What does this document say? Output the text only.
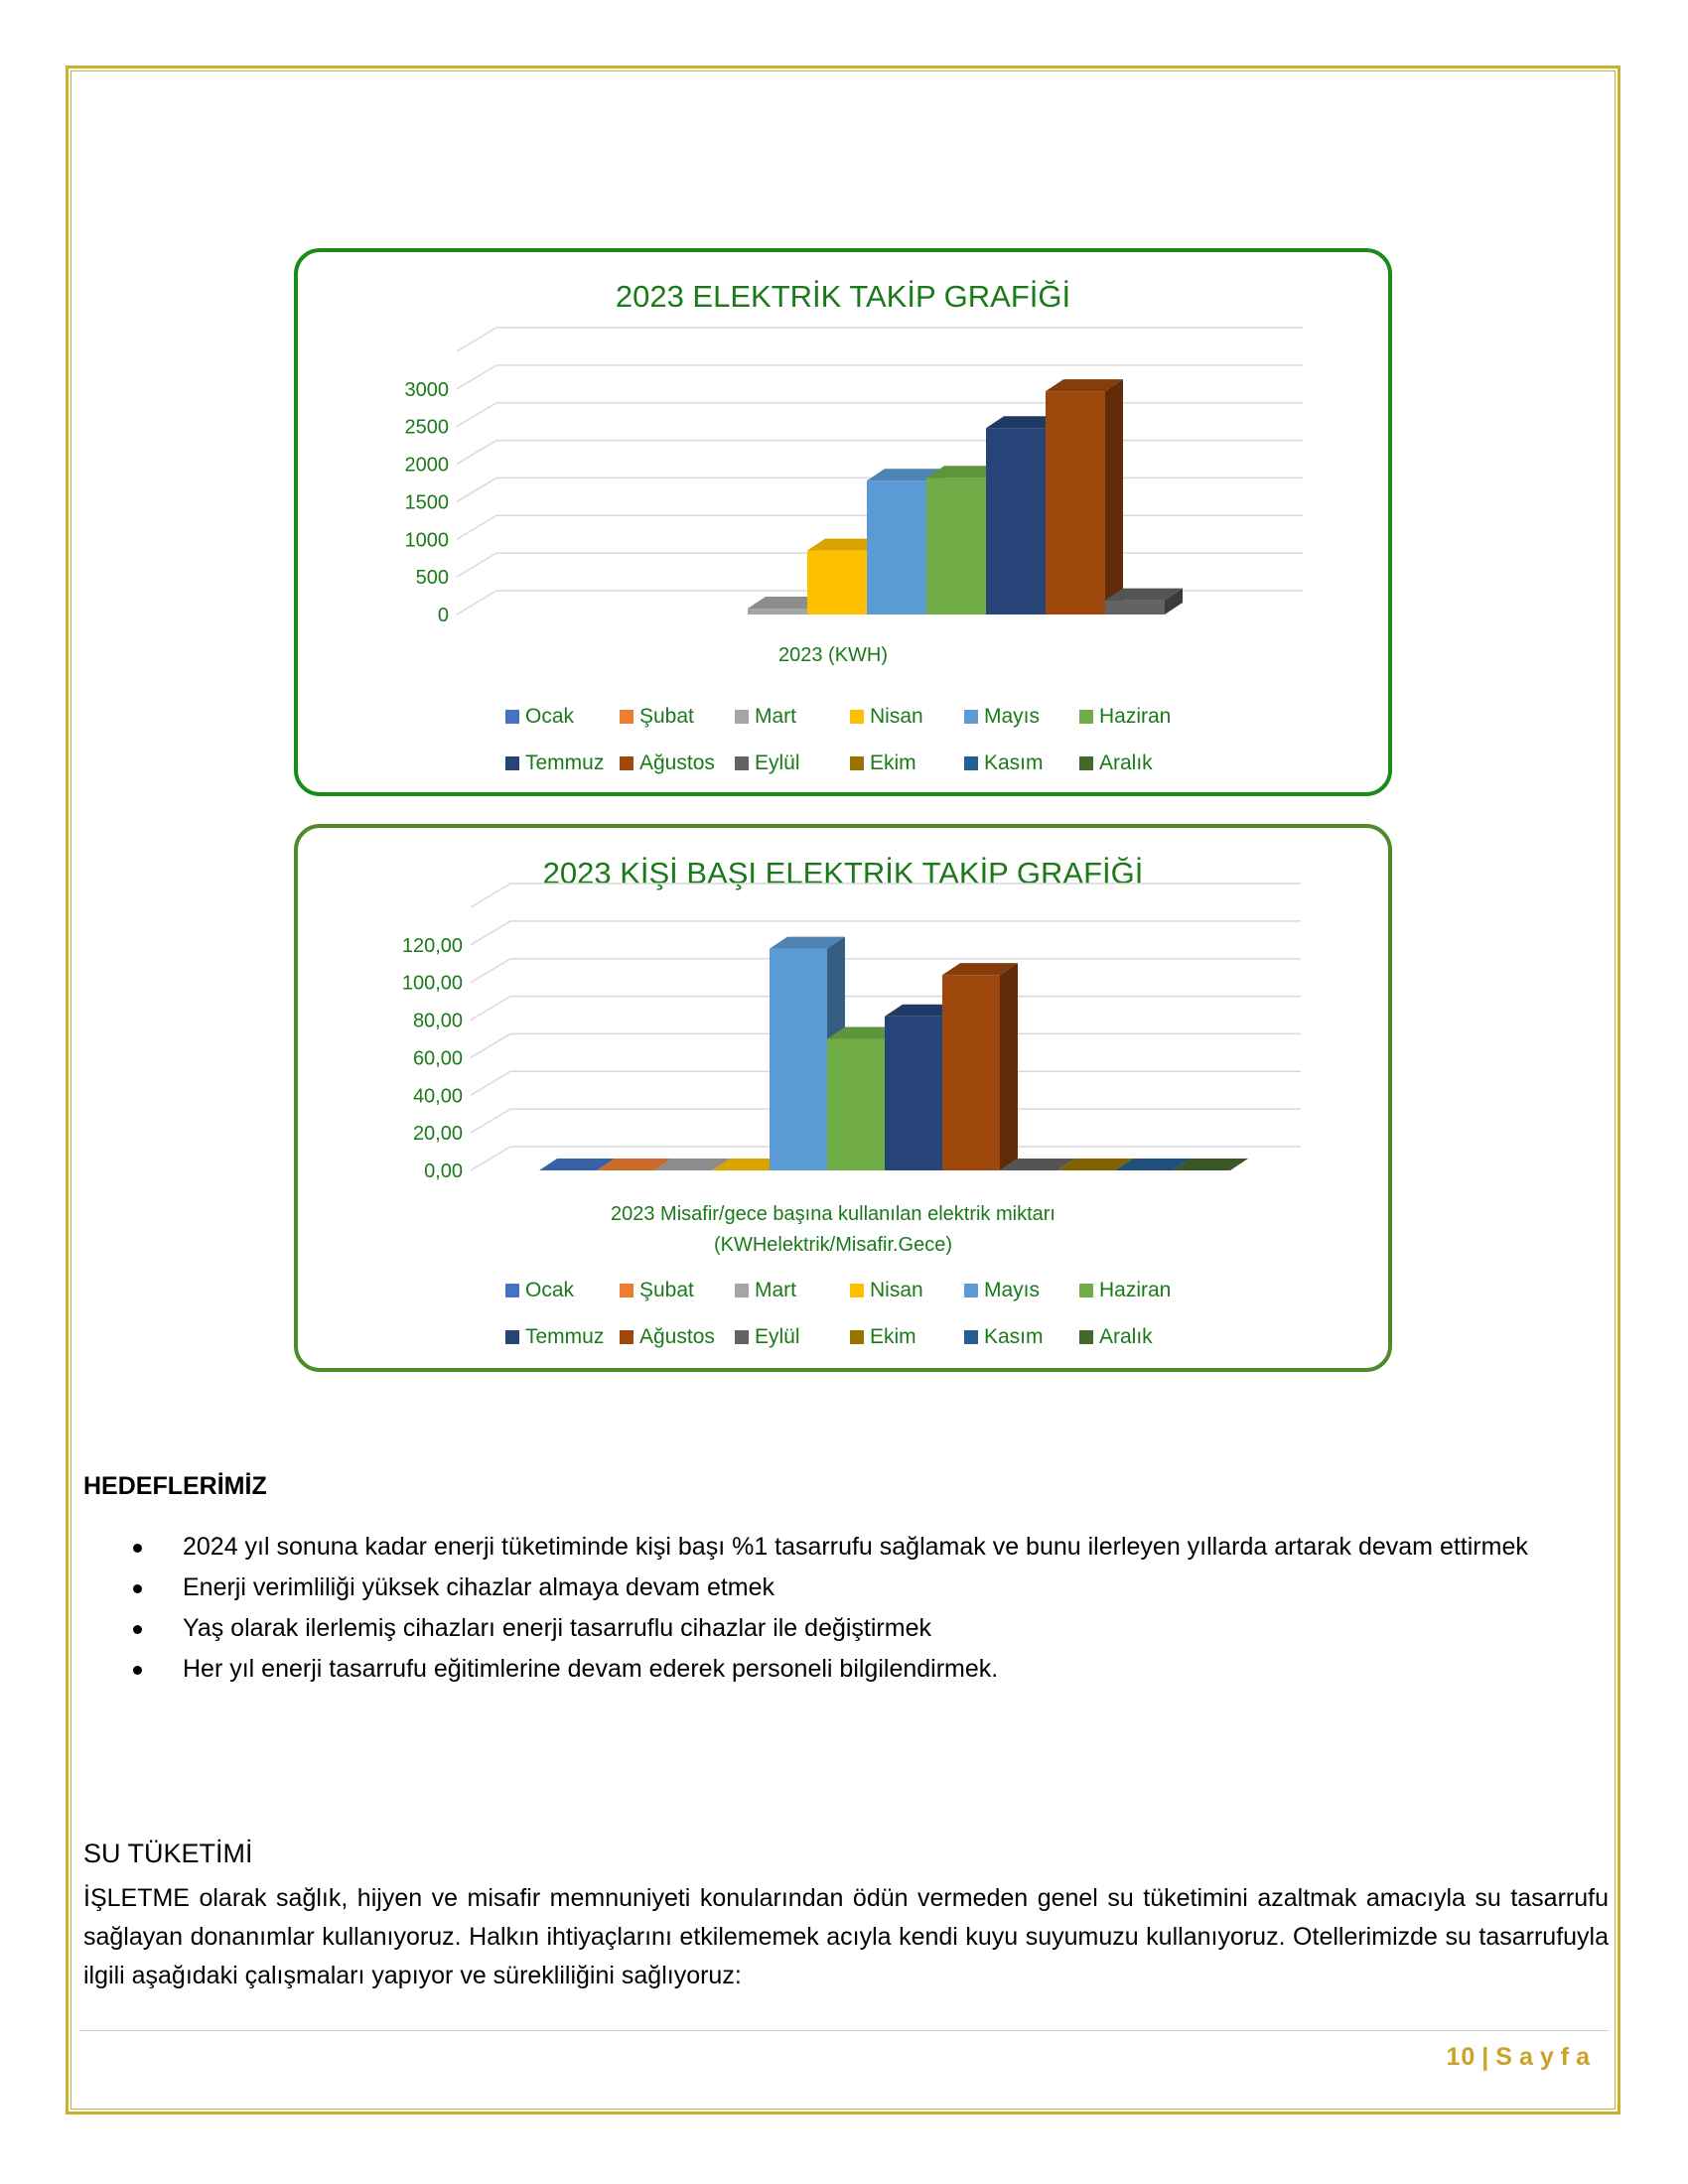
2023 ELEKTRİK TAKİP GRAFİĞİ
0
500
1000
1500
2000
2500
3000
2023 (KWH)
Ocak	Şubat	Mart	Nisan	Mayıs	Haziran
Temmuz Ağustos Eylül	Ekim	Kasım	Aralık
2023 KİŞİ BAŞI ELEKTRİK TAKİP GRAFİĞİ
0,00
20,00
40,00
60,00
80,00
100,00
120,00
2023 Misafir/gece başına kullanılan elektrik miktarı
(KWHelektrik/Misafir.Gece)
Ocak	Şubat	Mart	Nisan	Mayıs	Haziran
Temmuz Ağustos Eylül	Ekim	Kasım	Aralık
HEDEFLERİMİZ
2024 yıl sonuna kadar enerji tüketiminde kişi başı %1 tasarrufu sağlamak ve bunu ilerleyen yıllarda artarak devam ettirmek
Enerji verimliliği yüksek cihazlar almaya devam etmek
Yaş olarak ilerlemiş cihazları enerji tasarruflu cihazlar ile değiştirmek
Her yıl enerji tasarrufu eğitimlerine devam ederek personeli bilgilendirmek.
SU TÜKETİMİ
İŞLETME olarak sağlık, hijyen ve misafir memnuniyeti konularından ödün vermeden genel su tüketimini azaltmak amacıyla su tasarrufu sağlayan donanımlar kullanıyoruz. Halkın ihtiyaçlarını etkilememek acıyla kendi kuyu suyumuzu kullanıyoruz. Otellerimizde su tasarrufuyla ilgili aşağıdaki çalışmaları yapıyor ve sürekliliğini sağlıyoruz:
10 | Sayfa
